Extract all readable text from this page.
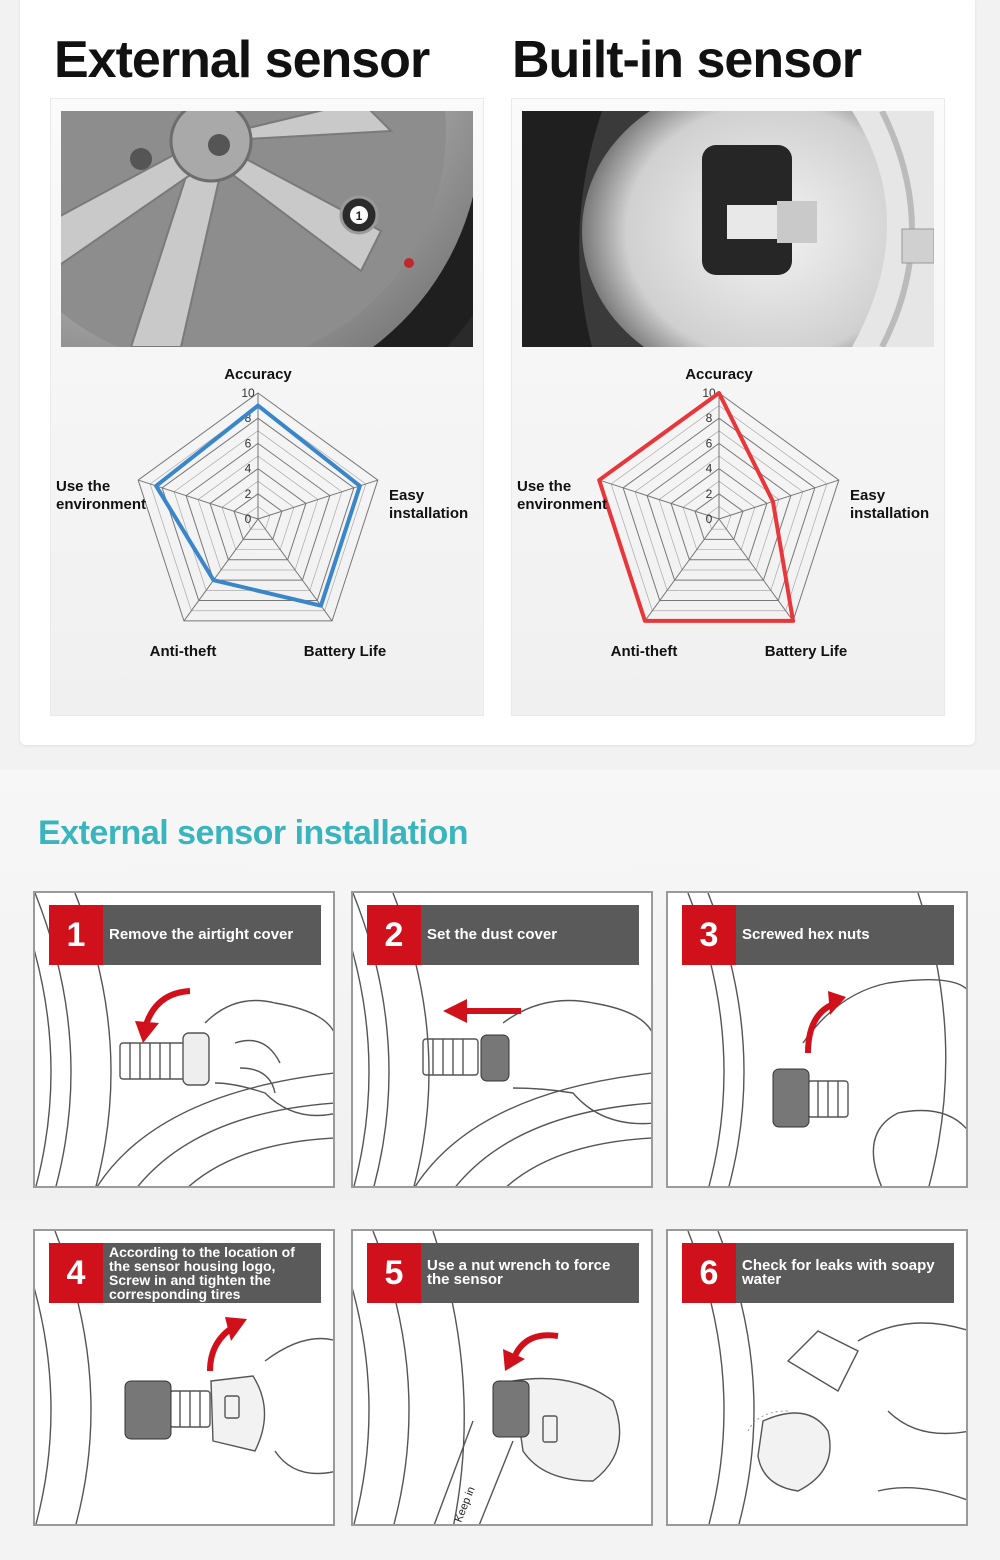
External sensor Built-in sensor
1
0
2
4
6
8
10
Accuracy
Easy installation
Battery Life
Anti-theft
Use the environment
0
2
4
6
8
10
Accuracy
Easy installation
Battery Life
Anti-theft
Use the environment
External sensor installation
1	Remove the airtight cover	2	Set the dust cover	3	Screwed hex nuts
4
According to the location of the sensor housing logo, Screw in and tighten the corresponding tires
Keep in
5	Use a nut wrench to force the sensor	6	Check for leaks with soapy water
